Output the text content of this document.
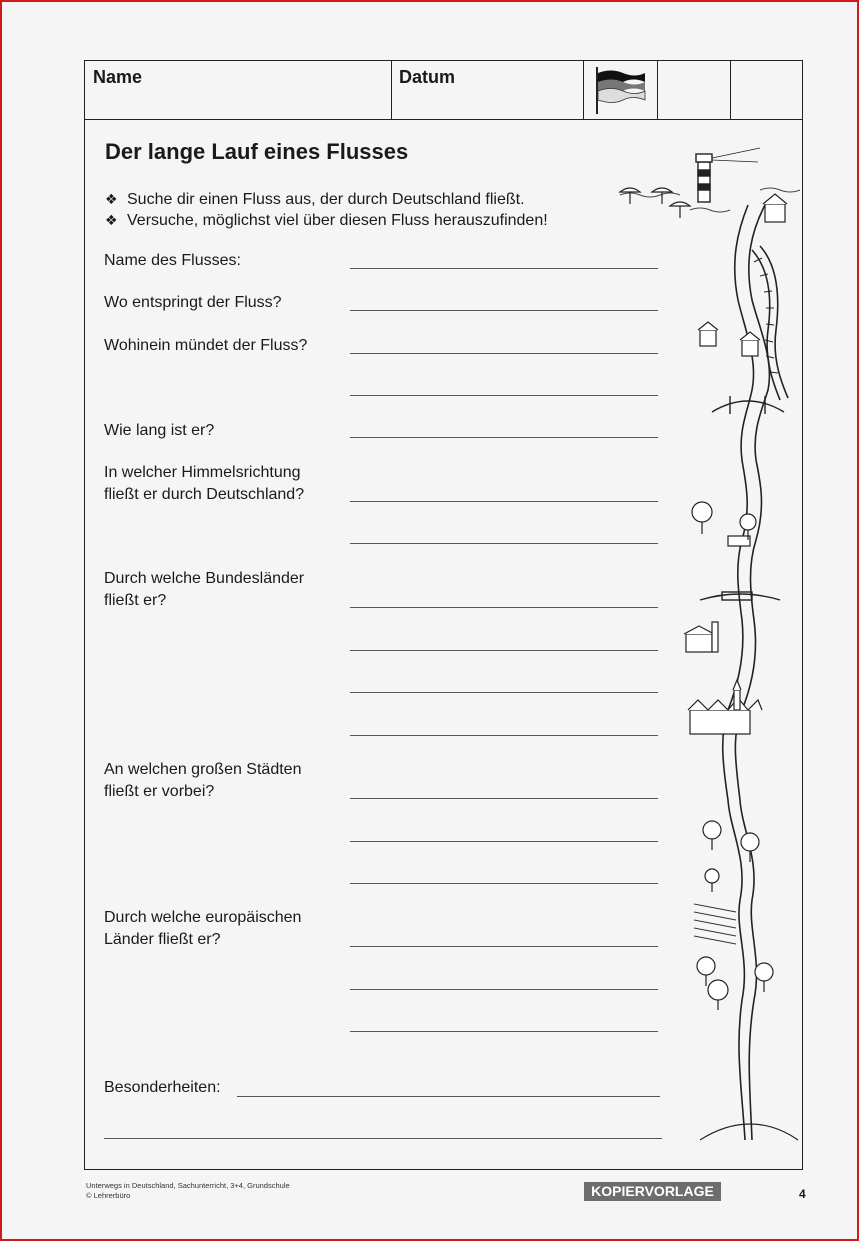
Name	Datum
Der lange Lauf eines Flusses
❖ Suche dir einen Fluss aus, der durch Deutschland fließt.
❖ Versuche, möglichst viel über diesen Fluss herauszufinden!
Name des Flusses:
Wo entspringt der Fluss?
Wohinein mündet der Fluss?
Wie lang ist er?
In welcher Himmelsrichtung
fließt er durch Deutschland?
Durch welche Bundesländer
fließt er?
An welchen großen Städten
fließt er vorbei?
Durch welche europäischen
Länder fließt er?
Besonderheiten:
Unterwegs in Deutschland, Sachunterricht, 3+4, Grundschule
© Lehrerbüro	KOPIERVORLAGE	4
